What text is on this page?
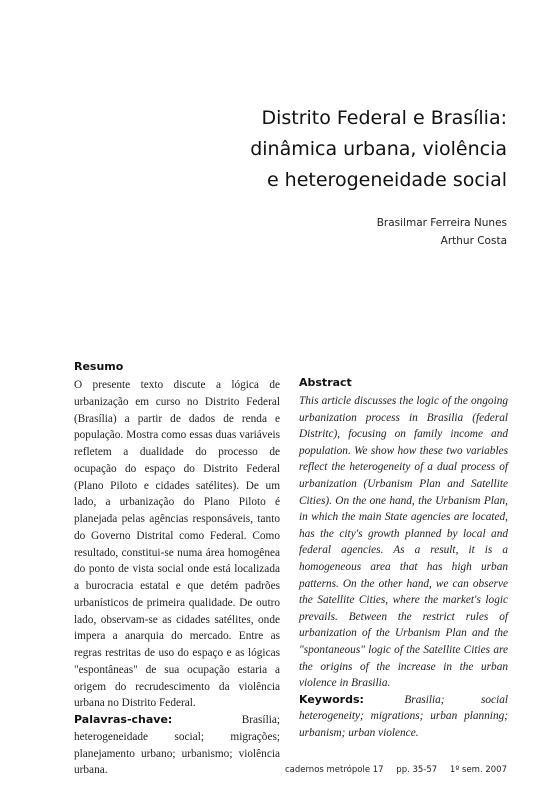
Distrito Federal e Brasília:
dinâmica urbana, violência
e heterogeneidade social
Brasilmar Ferreira Nunes
Arthur Costa
Resumo
O presente texto discute a lógica de urbanização em curso no Distrito Federal (Brasília) a partir de dados de renda e população. Mostra como essas duas variáveis refletem a dualidade do processo de ocupação do espaço do Distrito Federal (Plano Piloto e cidades satélites). De um lado, a urbanização do Plano Piloto é planejada pelas agências responsáveis, tanto do Governo Distrital como Federal. Como resultado, constitui-se numa área homogênea do ponto de vista social onde está localizada a burocracia estatal e que detém padrões urbanísticos de primeira qualidade. De outro lado, observam-se as cidades satélites, onde impera a anarquia do mercado. Entre as regras restritas de uso do espaço e as lógicas "espontâneas" de sua ocupação estaria a origem do recrudescimento da violência urbana no Distrito Federal.
Palavras-chave:	Brasília; heterogeneidade social; migrações; planejamento urbano; urbanismo; violência urbana.
Abstract
This article discusses the logic of the ongoing urbanization process in Brasilia (federal Distritc), focusing on family income and population. We show how these two variables reflect the heterogeneity of a dual process of urbanization (Urbanism Plan and Satellite Cities). On the one hand, the Urbanism Plan, in which the main State agencies are located, has the city's growth planned by local and federal agencies. As a result, it is a homogeneous area that has high urban patterns. On the other hand, we can observe the Satellite Cities, where the market's logic prevails. Between the restrict rules of urbanization of the Urbanism Plan and the "spontaneous" logic of the Satellite Cities are the origins of the increase in the urban violence in Brasilia.
Keywords:	Brasilia; social heterogeneity; migrations; urban planning; urbanism; urban violence.
cadernos metrópole 17 pp. 35-57 1º sem. 2007
